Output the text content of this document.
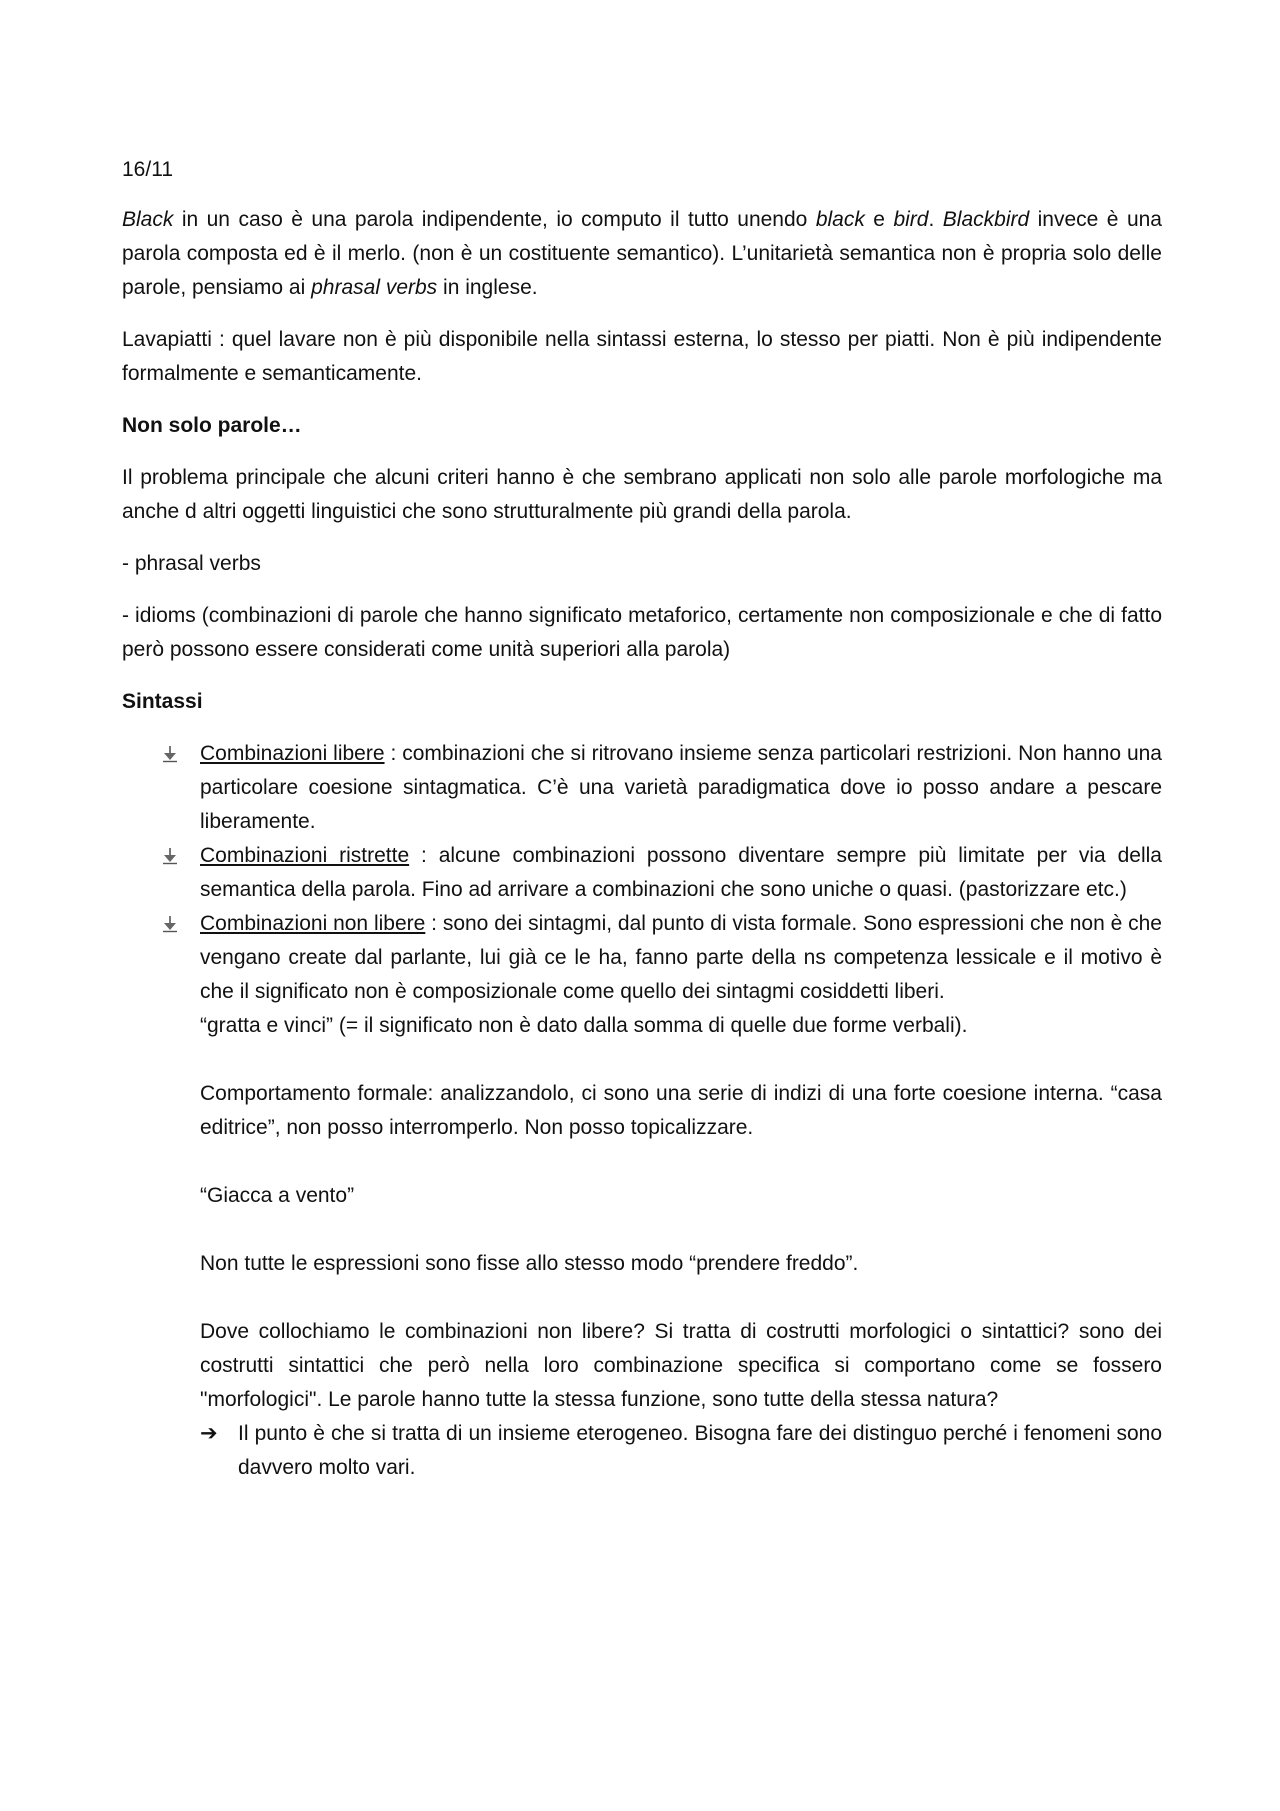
16/11

Black in un caso è una parola indipendente, io computo il tutto unendo black e bird. Blackbird invece è una parola composta ed è il merlo. (non è un costituente semantico). L’unitarietà semantica non è propria solo delle parole, pensiamo ai phrasal verbs in inglese.

Lavapiatti : quel lavare non è più disponibile nella sintassi esterna, lo stesso per piatti. Non è più indipendente formalmente e semanticamente.

Non solo parole…

Il problema principale che alcuni criteri hanno è che sembrano applicati non solo alle parole morfologiche ma anche d altri oggetti linguistici che sono strutturalmente più grandi della parola.

- phrasal verbs

- idioms (combinazioni di parole che hanno significato metaforico, certamente non composizionale e che di fatto però possono essere considerati come unità superiori alla parola)

Sintassi

Combinazioni libere : combinazioni che si ritrovano insieme senza particolari restrizioni. Non hanno una particolare coesione sintagmatica. C’è una varietà paradigmatica dove io posso andare a pescare liberamente.
Combinazioni ristrette : alcune combinazioni possono diventare sempre più limitate per via della semantica della parola. Fino ad arrivare a combinazioni che sono uniche o quasi. (pastorizzare etc.)
Combinazioni non libere : sono dei sintagmi, dal punto di vista formale. Sono espressioni che non è che vengano create dal parlante, lui già ce le ha, fanno parte della ns competenza lessicale e il motivo è che il significato non è composizionale come quello dei sintagmi cosiddetti liberi.

“gratta e vinci” (= il significato non è dato dalla somma di quelle due forme verbali).

Comportamento formale: analizzandolo, ci sono una serie di indizi di una forte coesione interna. “casa editrice”, non posso interromperlo. Non posso topicalizzare.

“Giacca a vento”

Non tutte le espressioni sono fisse allo stesso modo “prendere freddo”.

Dove collochiamo le combinazioni non libere? Si tratta di costrutti morfologici o sintattici? sono dei costrutti sintattici che però nella loro combinazione specifica si comportano come se fossero "morfologici". Le parole hanno tutte la stessa funzione, sono tutte della stessa natura?

➔ Il punto è che si tratta di un insieme eterogeneo. Bisogna fare dei distinguo perché i fenomeni sono davvero molto vari.
